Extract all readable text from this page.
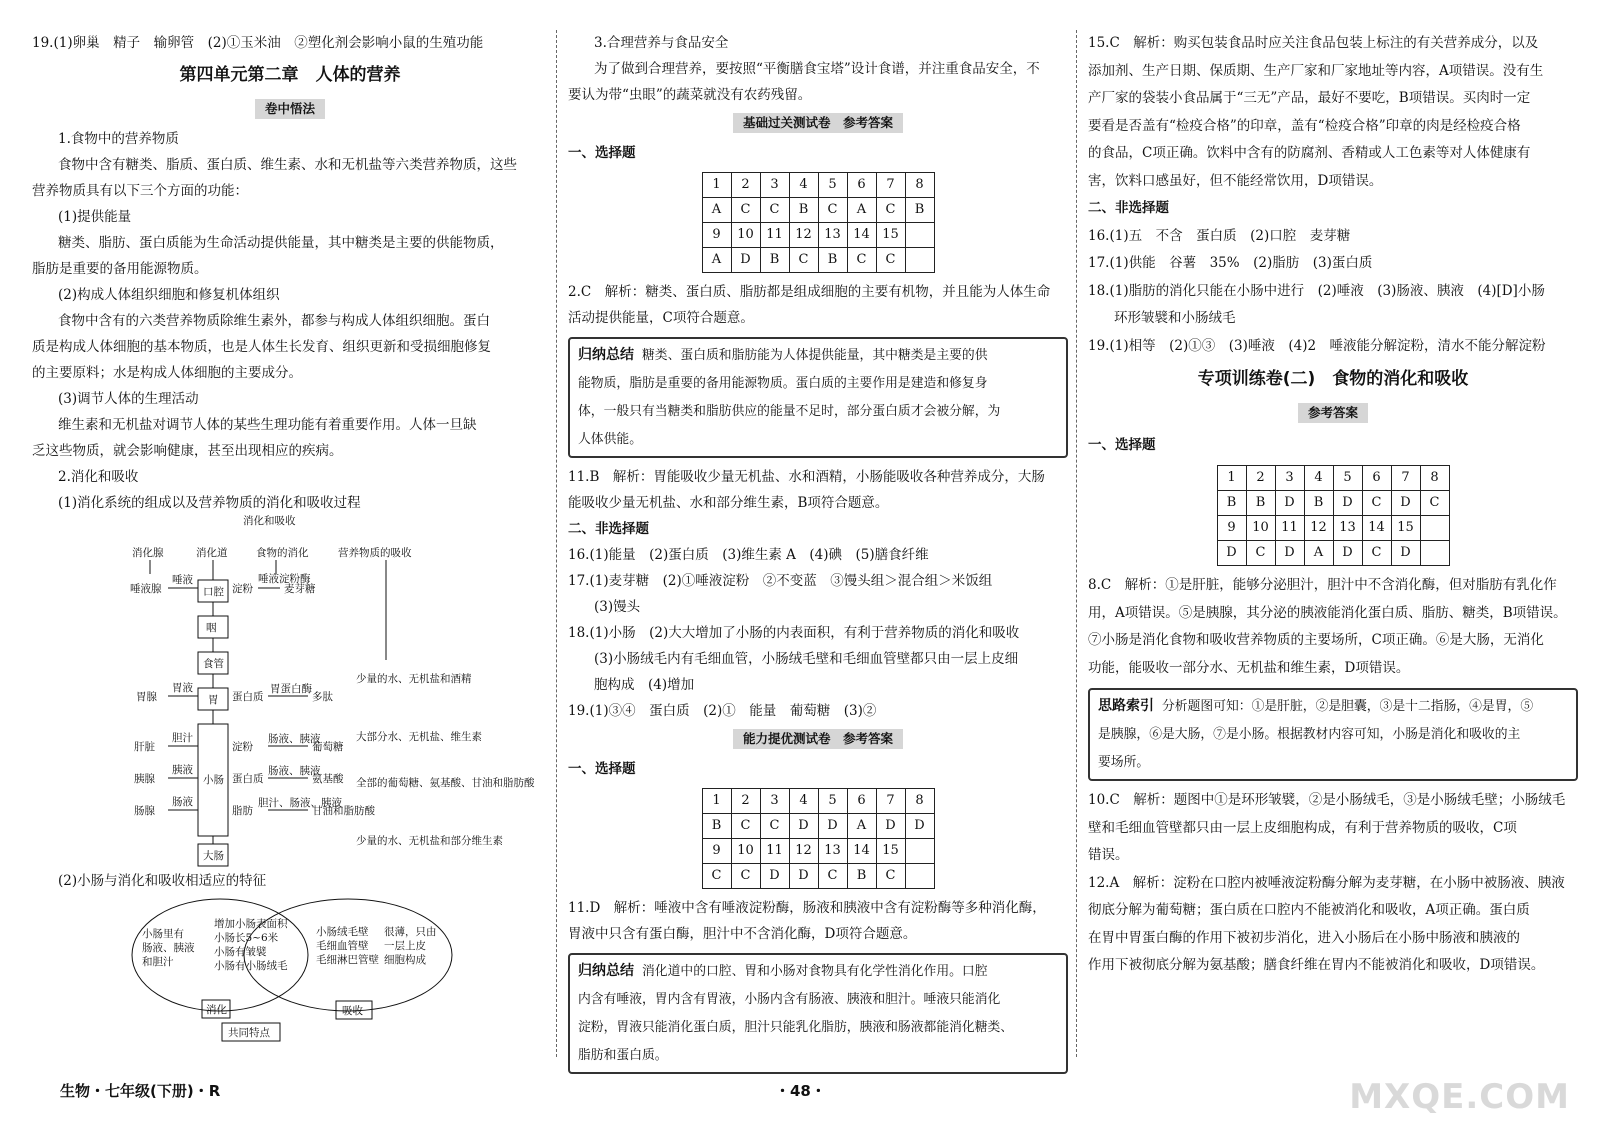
19.(1)卵巢　精子　输卵管　(2)①玉米油　②塑化剂会影响小鼠的生殖功能
第四单元第二章　人体的营养
卷中悟法
1.食物中的营养物质
食物中含有糖类、脂质、蛋白质、维生素、水和无机盐等六类营养物质，这些
营养物质具有以下三个方面的功能：
(1)提供能量
糖类、脂肪、蛋白质能为生命活动提供能量，其中糖类是主要的供能物质，
脂肪是重要的备用能源物质。
(2)构成人体组织细胞和修复机体组织
食物中含有的六类营养物质除维生素外，都参与构成人体组织细胞。蛋白
质是构成人体细胞的基本物质，也是人体生长发育、组织更新和受损细胞修复
的主要原料；水是构成人体细胞的主要成分。
(3)调节人体的生理活动
维生素和无机盐对调节人体的某些生理功能有着重要作用。人体一旦缺
乏这些物质，就会影响健康，甚至出现相应的疾病。
2.消化和吸收
(1)消化系统的组成以及营养物质的消化和吸收过程
消化和吸收
消化腺	消化道	食物的消化	营养物质的吸收
口腔
咽
食管
胃
小肠
大肠
唾液腺
胃腺
肝脏
胰腺
肠腺
唾液
胃液
胆汁
胰液
肠液
淀粉
唾液淀粉酶
麦芽糖
蛋白质
胃蛋白酶
多肽
淀粉
肠液、胰液
葡萄糖
蛋白质
肠液、胰液
氨基酸
脂肪
胆汁、肠液、胰液
甘油和脂肪酸
少量的水、无机盐和酒精
大部分水、无机盐、维生素
全部的葡萄糖、氨基酸、甘油和脂肪酸
少量的水、无机盐和部分维生素
(2)小肠与消化和吸收相适应的特征
小肠里有
肠液、胰液
和胆汁
增加小肠表面积
小肠长5~6米
小肠有皱襞
小肠有小肠绒毛
小肠绒毛壁
毛细血管壁
毛细淋巴管壁
很薄，只由
一层上皮
细胞构成
消化
共同特点
吸收
生物・七年级(下册)・R
3.合理营养与食品安全
为了做到合理营养，要按照“平衡膳食宝塔”设计食谱，并注重食品安全，不
要认为带“虫眼”的蔬菜就没有农药残留。
基础过关测试卷　参考答案
一、选择题
1	2	3	4	5	6	7	8
A	C	C	B	C	A	C	B
9	10	11	12	13	14	15	
A	D	B	C	B	C	C	
2.C　解析：糖类、蛋白质、脂肪都是组成细胞的主要有机物，并且能为人体生命
活动提供能量，C项符合题意。
归纳总结 糖类、蛋白质和脂肪能为人体提供能量，其中糖类是主要的供
能物质，脂肪是重要的备用能源物质。蛋白质的主要作用是建造和修复身
体，一般只有当糖类和脂肪供应的能量不足时，部分蛋白质才会被分解，为
人体供能。
11.B　解析：胃能吸收少量无机盐、水和酒精，小肠能吸收各种营养成分，大肠
能吸收少量无机盐、水和部分维生素，B项符合题意。
二、非选择题
16.(1)能量　(2)蛋白质　(3)维生素 A　(4)碘　(5)膳食纤维
17.(1)麦芽糖　(2)①唾液淀粉　②不变蓝　③馒头组＞混合组＞米饭组
(3)馒头
18.(1)小肠　(2)大大增加了小肠的内表面积，有利于营养物质的消化和吸收
(3)小肠绒毛内有毛细血管，小肠绒毛壁和毛细血管壁都只由一层上皮细
胞构成　(4)增加
19.(1)③④　蛋白质　(2)①　能量　葡萄糖　(3)②
能力提优测试卷　参考答案
一、选择题
1	2	3	4	5	6	7	8
B	C	C	D	D	A	D	D
9	10	11	12	13	14	15	
C	C	D	D	C	B	C	
11.D　解析：唾液中含有唾液淀粉酶，肠液和胰液中含有淀粉酶等多种消化酶，
胃液中只含有蛋白酶，胆汁中不含消化酶，D项符合题意。
归纳总结 消化道中的口腔、胃和小肠对食物具有化学性消化作用。口腔
内含有唾液，胃内含有胃液，小肠内含有肠液、胰液和胆汁。唾液只能消化
淀粉，胃液只能消化蛋白质，胆汁只能乳化脂肪，胰液和肠液都能消化糖类、
脂肪和蛋白质。
・48・
15.C　解析：购买包装食品时应关注食品包装上标注的有关营养成分，以及
添加剂、生产日期、保质期、生产厂家和厂家地址等内容，A项错误。没有生
产厂家的袋装小食品属于“三无”产品，最好不要吃，B项错误。买肉时一定
要看是否盖有“检疫合格”的印章，盖有“检疫合格”印章的肉是经检疫合格
的食品，C项正确。饮料中含有的防腐剂、香精或人工色素等对人体健康有
害，饮料口感虽好，但不能经常饮用，D项错误。
二、非选择题
16.(1)五　不含　蛋白质　(2)口腔　麦芽糖
17.(1)供能　谷薯　35%　(2)脂肪　(3)蛋白质
18.(1)脂肪的消化只能在小肠中进行　(2)唾液　(3)肠液、胰液　(4)[D]小肠
环形皱襞和小肠绒毛
19.(1)相等　(2)①③　(3)唾液　(4)2　唾液能分解淀粉，清水不能分解淀粉
专项训练卷(二)　食物的消化和吸收
参考答案
一、选择题
1	2	3	4	5	6	7	8
B	B	D	B	D	C	D	C
9	10	11	12	13	14	15	
D	C	D	A	D	C	D	
8.C　解析：①是肝脏，能够分泌胆汁，胆汁中不含消化酶，但对脂肪有乳化作
用，A项错误。⑤是胰腺，其分泌的胰液能消化蛋白质、脂肪、糖类，B项错误。
⑦小肠是消化食物和吸收营养物质的主要场所，C项正确。⑥是大肠，无消化
功能，能吸收一部分水、无机盐和维生素，D项错误。
思路索引 分析题图可知：①是肝脏，②是胆囊，③是十二指肠，④是胃，⑤
是胰腺，⑥是大肠，⑦是小肠。根据教材内容可知，小肠是消化和吸收的主
要场所。
10.C　解析：题图中①是环形皱襞，②是小肠绒毛，③是小肠绒毛壁；小肠绒毛
壁和毛细血管壁都只由一层上皮细胞构成，有利于营养物质的吸收，C项
错误。
12.A　解析：淀粉在口腔内被唾液淀粉酶分解为麦芽糖，在小肠中被肠液、胰液
彻底分解为葡萄糖；蛋白质在口腔内不能被消化和吸收，A项正确。蛋白质
在胃中胃蛋白酶的作用下被初步消化，进入小肠后在小肠中肠液和胰液的
作用下被彻底分解为氨基酸；膳食纤维在胃内不能被消化和吸收，D项错误。
MXQE.COM
